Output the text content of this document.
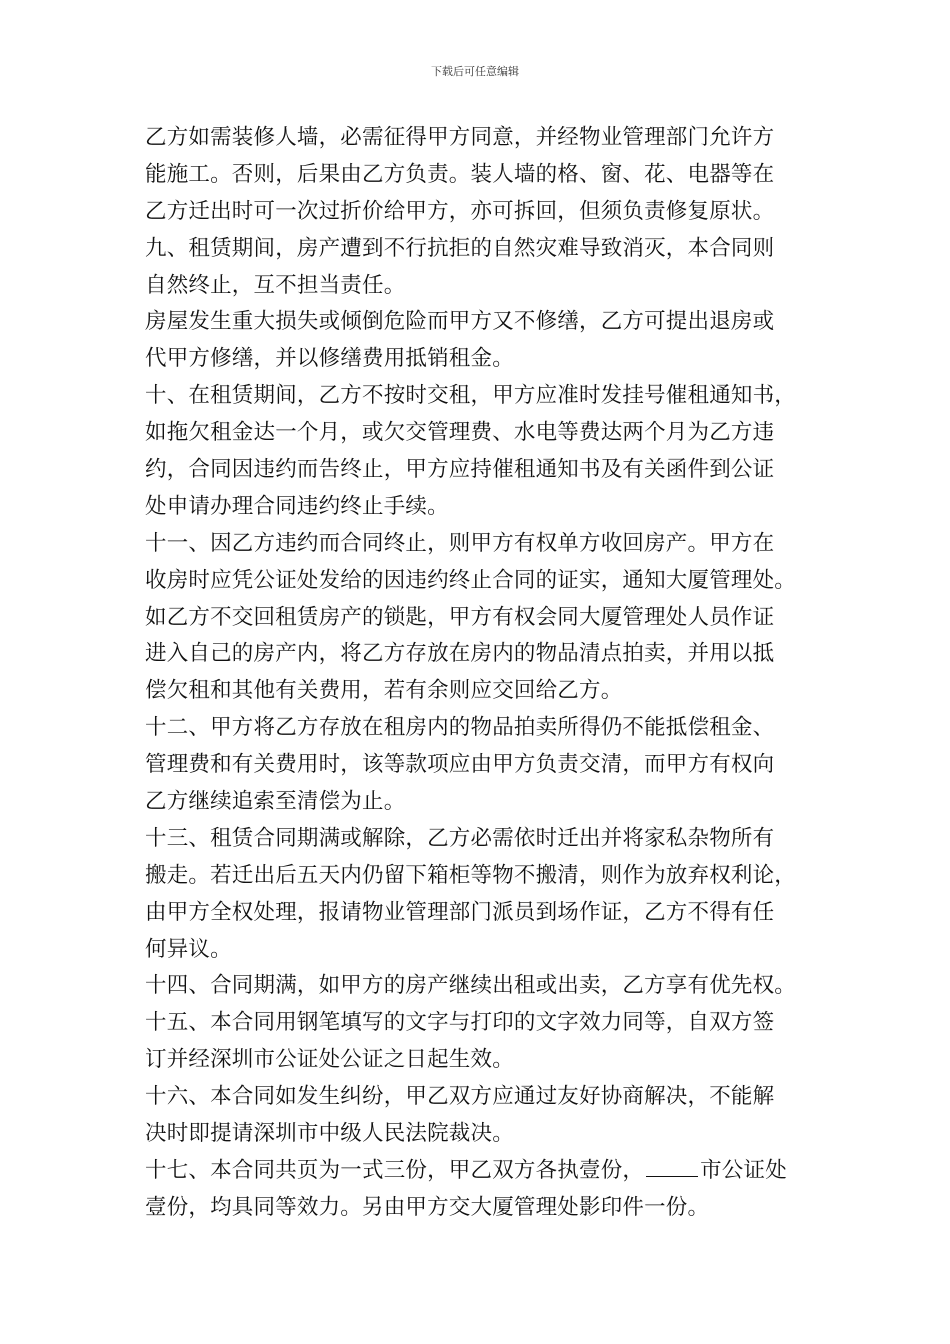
下载后可任意编辑
乙方如需装修人墙，必需征得甲方同意，并经物业管理部门允许方
能施工。否则，后果由乙方负责。装人墙的格、窗、花、电器等在
乙方迁出时可一次过折价给甲方，亦可拆回，但须负责修复原状。
九、租赁期间，房产遭到不行抗拒的自然灾难导致消灭，本合同则
自然终止，互不担当责任。
房屋发生重大损失或倾倒危险而甲方又不修缮，乙方可提出退房或
代甲方修缮，并以修缮费用抵销租金。
十、在租赁期间，乙方不按时交租，甲方应准时发挂号催租通知书，
如拖欠租金达一个月，或欠交管理费、水电等费达两个月为乙方违
约，合同因违约而告终止，甲方应持催租通知书及有关函件到公证
处申请办理合同违约终止手续。
十一、因乙方违约而合同终止，则甲方有权单方收回房产。甲方在
收房时应凭公证处发给的因违约终止合同的证实，通知大厦管理处。
如乙方不交回租赁房产的锁匙，甲方有权会同大厦管理处人员作证
进入自己的房产内，将乙方存放在房内的物品清点拍卖，并用以抵
偿欠租和其他有关费用，若有余则应交回给乙方。
十二、甲方将乙方存放在租房内的物品拍卖所得仍不能抵偿租金、
管理费和有关费用时，该等款项应由甲方负责交清，而甲方有权向
乙方继续追索至清偿为止。
十三、租赁合同期满或解除，乙方必需依时迁出并将家私杂物所有
搬走。若迁出后五天内仍留下箱柜等物不搬清，则作为放弃权利论，
由甲方全权处理，报请物业管理部门派员到场作证，乙方不得有任
何异议。
十四、合同期满，如甲方的房产继续出租或出卖，乙方享有优先权。
十五、本合同用钢笔填写的文字与打印的文字效力同等，自双方签
订并经深圳市公证处公证之日起生效。
十六、本合同如发生纠纷，甲乙双方应通过友好协商解决，不能解
决时即提请深圳市中级人民法院裁决。
十七、本合同共页为一式三份，甲乙双方各执壹份，	市公证处
壹份，均具同等效力。另由甲方交大厦管理处影印件一份。
